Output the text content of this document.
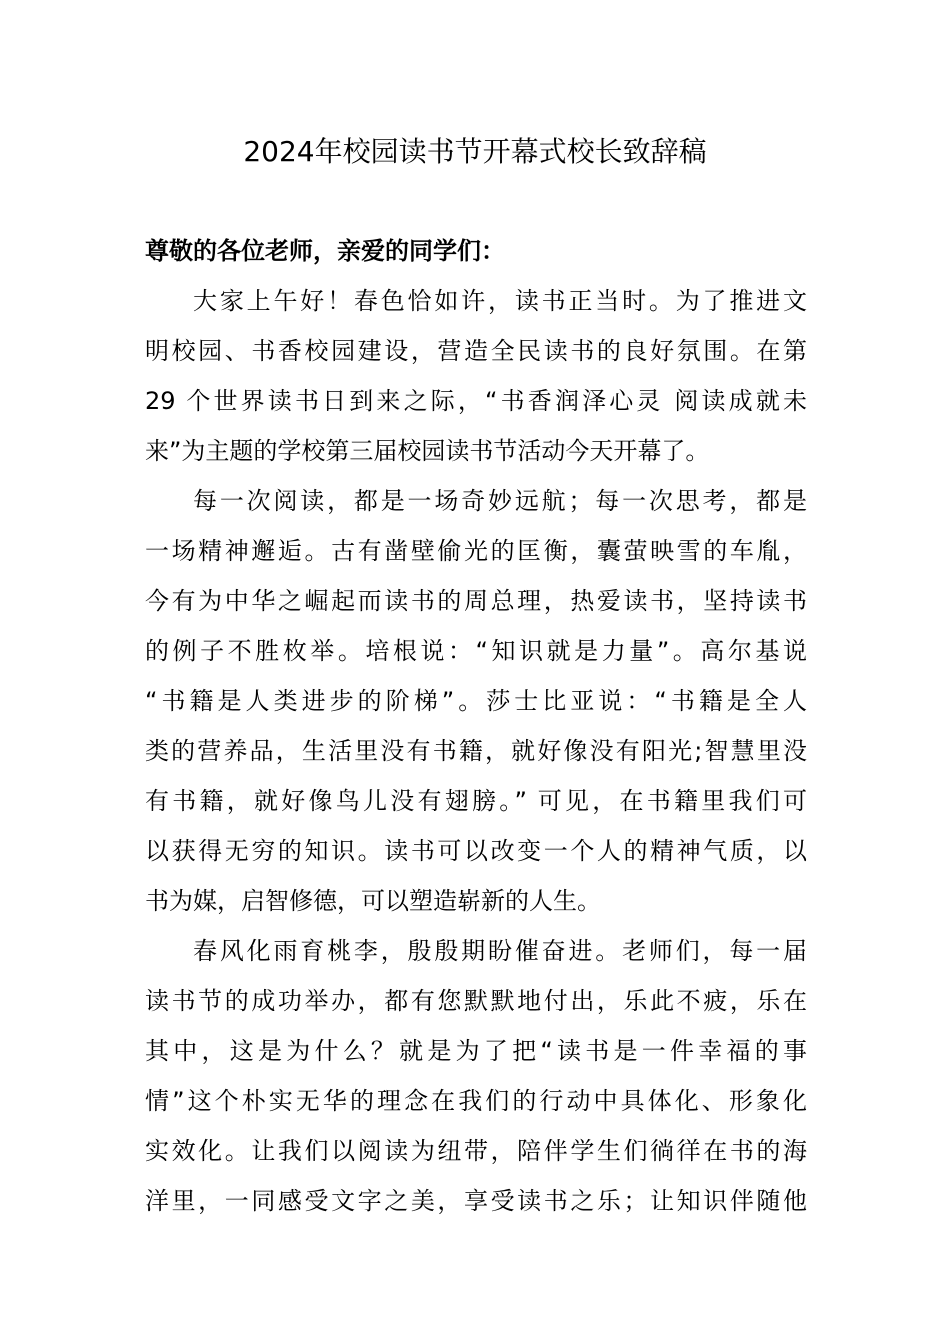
2024年校园读书节开幕式校长致辞稿
尊敬的各位老师，亲爱的同学们：
大家上午好！春色恰如许，读书正当时。为了推进文
明校园、书香校园建设，营造全民读书的良好氛围。在第
29 个世界读书日到来之际，“书香润泽心灵 阅读成就未
来”为主题的学校第三届校园读书节活动今天开幕了。
每一次阅读，都是一场奇妙远航；每一次思考，都是
一场精神邂逅。古有凿壁偷光的匡衡，囊萤映雪的车胤，
今有为中华之崛起而读书的周总理，热爱读书，坚持读书
的例子不胜枚举。培根说：“知识就是力量”。高尔基说
“书籍是人类进步的阶梯”。莎士比亚说：“书籍是全人
类的营养品，生活里没有书籍，就好像没有阳光;智慧里没
有书籍，就好像鸟儿没有翅膀。” 可见，在书籍里我们可
以获得无穷的知识。读书可以改变一个人的精神气质，以
书为媒，启智修德，可以塑造崭新的人生。
春风化雨育桃李，殷殷期盼催奋进。老师们，每一届
读书节的成功举办，都有您默默地付出，乐此不疲，乐在
其中，这是为什么？就是为了把“读书是一件幸福的事
情”这个朴实无华的理念在我们的行动中具体化、形象化
实效化。让我们以阅读为纽带，陪伴学生们徜徉在书的海
洋里，一同感受文字之美，享受读书之乐；让知识伴随他
